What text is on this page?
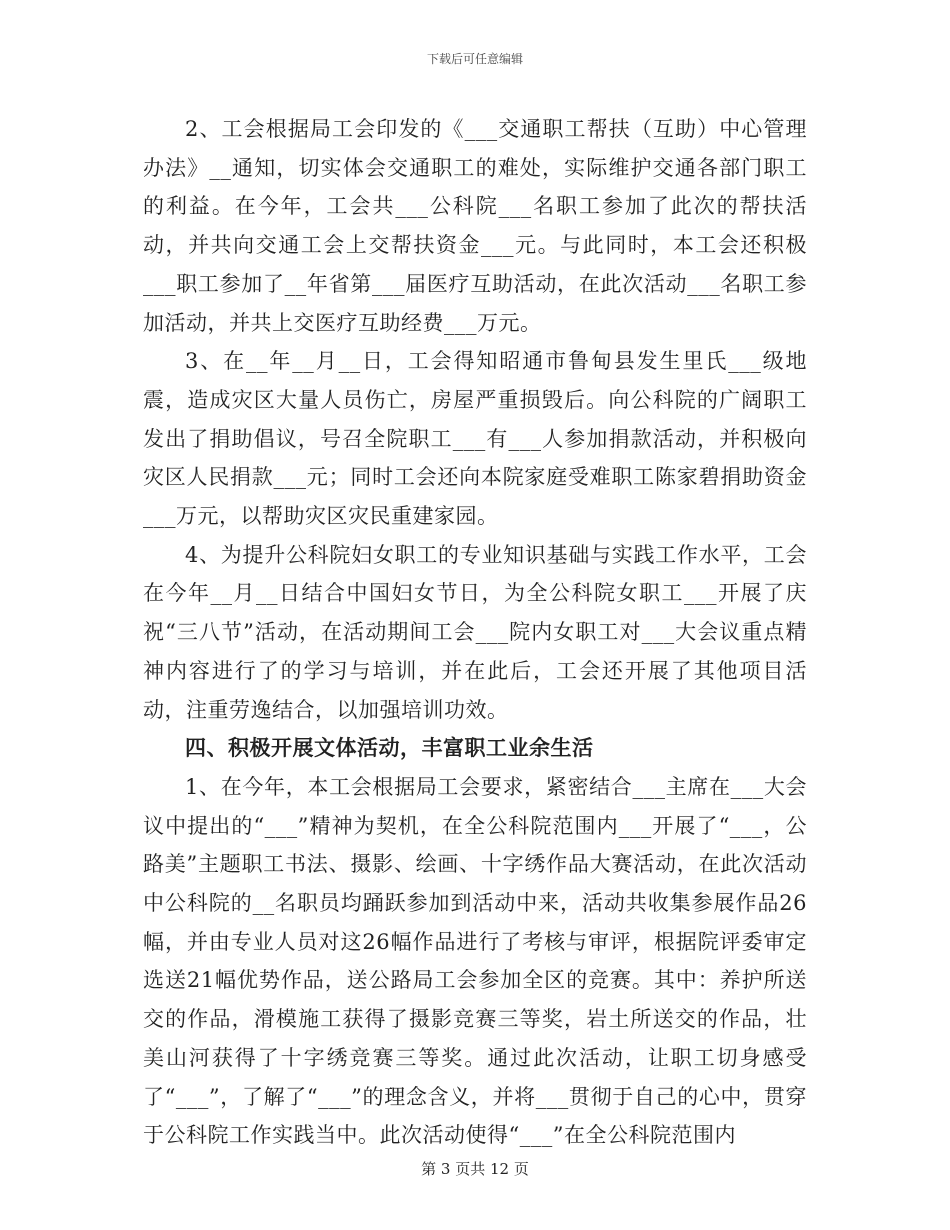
下载后可任意编辑

2、工会根据局工会印发的《___交通职工帮扶（互助）中心管理办法》__通知，切实体会交通职工的难处，实际维护交通各部门职工的利益。在今年，工会共___公科院___名职工参加了此次的帮扶活动，并共向交通工会上交帮扶资金___元。与此同时，本工会还积极___职工参加了__年省第___届医疗互助活动，在此次活动___名职工参加活动，并共上交医疗互助经费___万元。

3、在__年__月__日，工会得知昭通市鲁甸县发生里氏___级地震，造成灾区大量人员伤亡，房屋严重损毁后。向公科院的广阔职工发出了捐助倡议，号召全院职工___有___人参加捐款活动，并积极向灾区人民捐款___元；同时工会还向本院家庭受难职工陈家碧捐助资金___万元，以帮助灾区灾民重建家园。

4、为提升公科院妇女职工的专业知识基础与实践工作水平，工会在今年__月__日结合中国妇女节日，为全公科院女职工___开展了庆祝“三八节”活动，在活动期间工会___院内女职工对___大会议重点精神内容进行了的学习与培训，并在此后，工会还开展了其他项目活动，注重劳逸结合，以加强培训功效。

四、积极开展文体活动，丰富职工业余生活

1、在今年，本工会根据局工会要求，紧密结合___主席在___大会议中提出的“___”精神为契机，在全公科院范围内___开展了“___，公路美”主题职工书法、摄影、绘画、十字绣作品大赛活动，在此次活动中公科院的__名职员均踊跃参加到活动中来，活动共收集参展作品26幅，并由专业人员对这26幅作品进行了考核与审评，根据院评委审定选送21幅优势作品，送公路局工会参加全区的竞赛。其中：养护所送交的作品，滑模施工获得了摄影竞赛三等奖，岩土所送交的作品，壮美山河获得了十字绣竞赛三等奖。通过此次活动，让职工切身感受了“___”，了解了“___”的理念含义，并将___贯彻于自己的心中，贯穿于公科院工作实践当中。此次活动使得“___”在全公科院范围内

第 3 页共 12 页
